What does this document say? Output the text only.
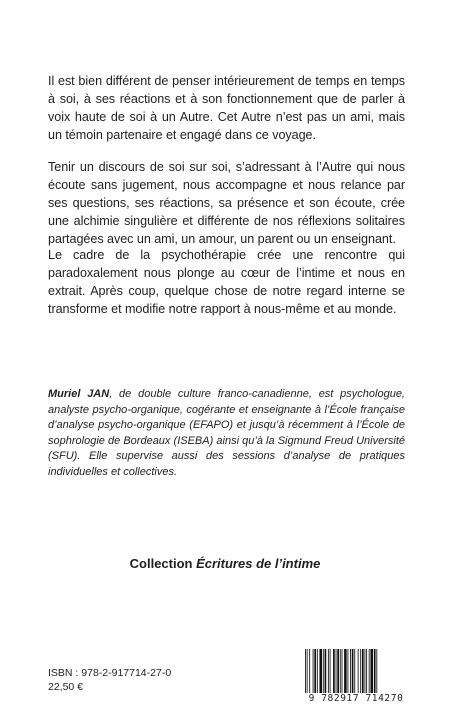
Il est bien différent de penser intérieurement de temps en temps à soi, à ses réactions et à son fonctionnement que de parler à voix haute de soi à un Autre. Cet Autre n’est pas un ami, mais un témoin partenaire et engagé dans ce voyage.

Tenir un discours de soi sur soi, s’adressant à l’Autre qui nous écoute sans jugement, nous accompagne et nous relance par ses questions, ses réactions, sa présence et son écoute, crée une alchimie singulière et différente de nos réflexions solitaires partagées avec un ami, un amour, un parent ou un enseignant.

Le cadre de la psychothérapie crée une rencontre qui paradoxalement nous plonge au cœur de l’intime et nous en extrait. Après coup, quelque chose de notre regard interne se transforme et modifie notre rapport à nous-même et au monde.

Muriel JAN, de double culture franco-canadienne, est psychologue, analyste psycho-organique, cogérante et enseignante à l’École française d’analyse psycho-organique (EFAPO) et jusqu’à récemment à l’École de sophrologie de Bordeaux (ISEBA) ainsi qu’à la Sigmund Freud Université (SFU). Elle supervise aussi des sessions d’analyse de pratiques individuelles et collectives.

Collection Écritures de l’intime
ISBN : 978-2-917714-27-0
22,50 €
9 782917 714270
